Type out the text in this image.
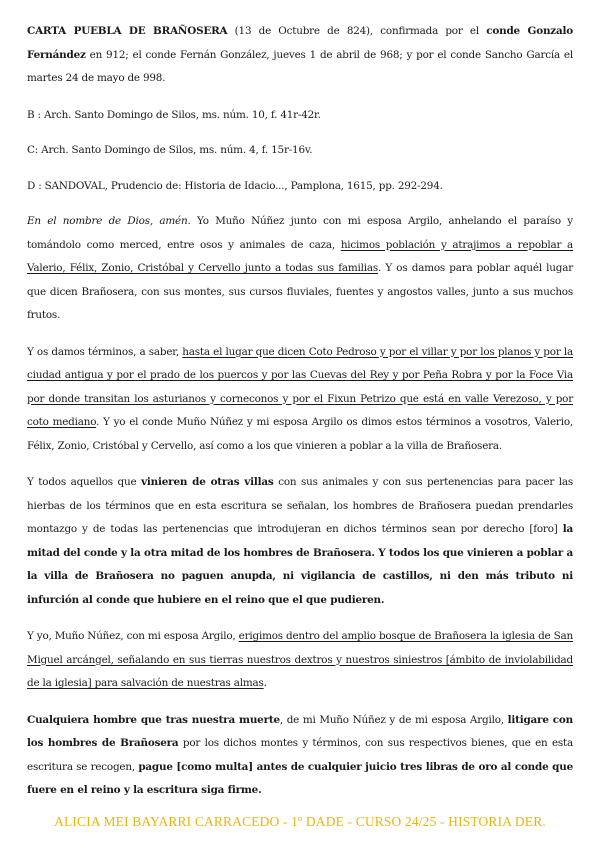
CARTA PUEBLA DE BRAÑOSERA (13 de Octubre de 824), confirmada por el conde Gonzalo Fernández en 912; el conde Fernán González, jueves 1 de abril de 968; y por el conde Sancho García el martes 24 de mayo de 998.

B : Arch. Santo Domingo de Silos, ms. núm. 10, f. 41r-42r.

C: Arch. Santo Domingo de Silos, ms. núm. 4, f. 15r-16v.

D : SANDOVAL, Prudencio de: Historia de Idacio..., Pamplona, 1615, pp. 292-294.

En el nombre de Dios, amén. Yo Muño Núñez junto con mi esposa Argilo, anhelando el paraíso y tomándolo como merced, entre osos y animales de caza, hicimos población y atrajimos a repoblar a Valerio, Félix, Zonio, Cristóbal y Cervello junto a todas sus familias. Y os damos para poblar aquél lugar que dicen Brañosera, con sus montes, sus cursos fluviales, fuentes y angostos valles, junto a sus muchos frutos.

Y os damos términos, a saber, hasta el lugar que dicen Coto Pedroso y por el villar y por los planos y por la ciudad antigua y por el prado de los puercos y por las Cuevas del Rey y por Peña Robra y por la Foce Via por donde transitan los asturianos y corneconos y por el Fixun Petrizo que está en valle Verezoso, y por coto mediano. Y yo el conde Muño Núñez y mi esposa Argilo os dimos estos términos a vosotros, Valerio, Félix, Zonio, Cristóbal y Cervello, así como a los que vinieren a poblar a la villa de Brañosera.

Y todos aquellos que vinieren de otras villas con sus animales y con sus pertenencias para pacer las hierbas de los términos que en esta escritura se señalan, los hombres de Brañosera puedan prendarles montazgo y de todas las pertenencias que introdujeran en dichos términos sean por derecho [foro] la mitad del conde y la otra mitad de los hombres de Brañosera. Y todos los que vinieren a poblar a la villa de Brañosera no paguen anupda, ni vigilancia de castillos, ni den más tributo ni infurción al conde que hubiere en el reino que el que pudieren.

Y yo, Muño Núñez, con mi esposa Argilo, erigimos dentro del amplio bosque de Brañosera la iglesia de San Miguel arcángel, señalando en sus tierras nuestros dextros y nuestros siniestros [ámbito de inviolabilidad de la iglesia] para salvación de nuestras almas.

Cualquiera hombre que tras nuestra muerte, de mi Muño Núñez y de mi esposa Argilo, litigare con los hombres de Brañosera por los dichos montes y términos, con sus respectivos bienes, que en esta escritura se recogen, pague [como multa] antes de cualquier juicio tres libras de oro al conde que fuere en el reino y la escritura siga firme.

ALICIA MEI BAYARRI CARRACEDO - 1º DADE - CURSO 24/25 - HISTORIA DER.
